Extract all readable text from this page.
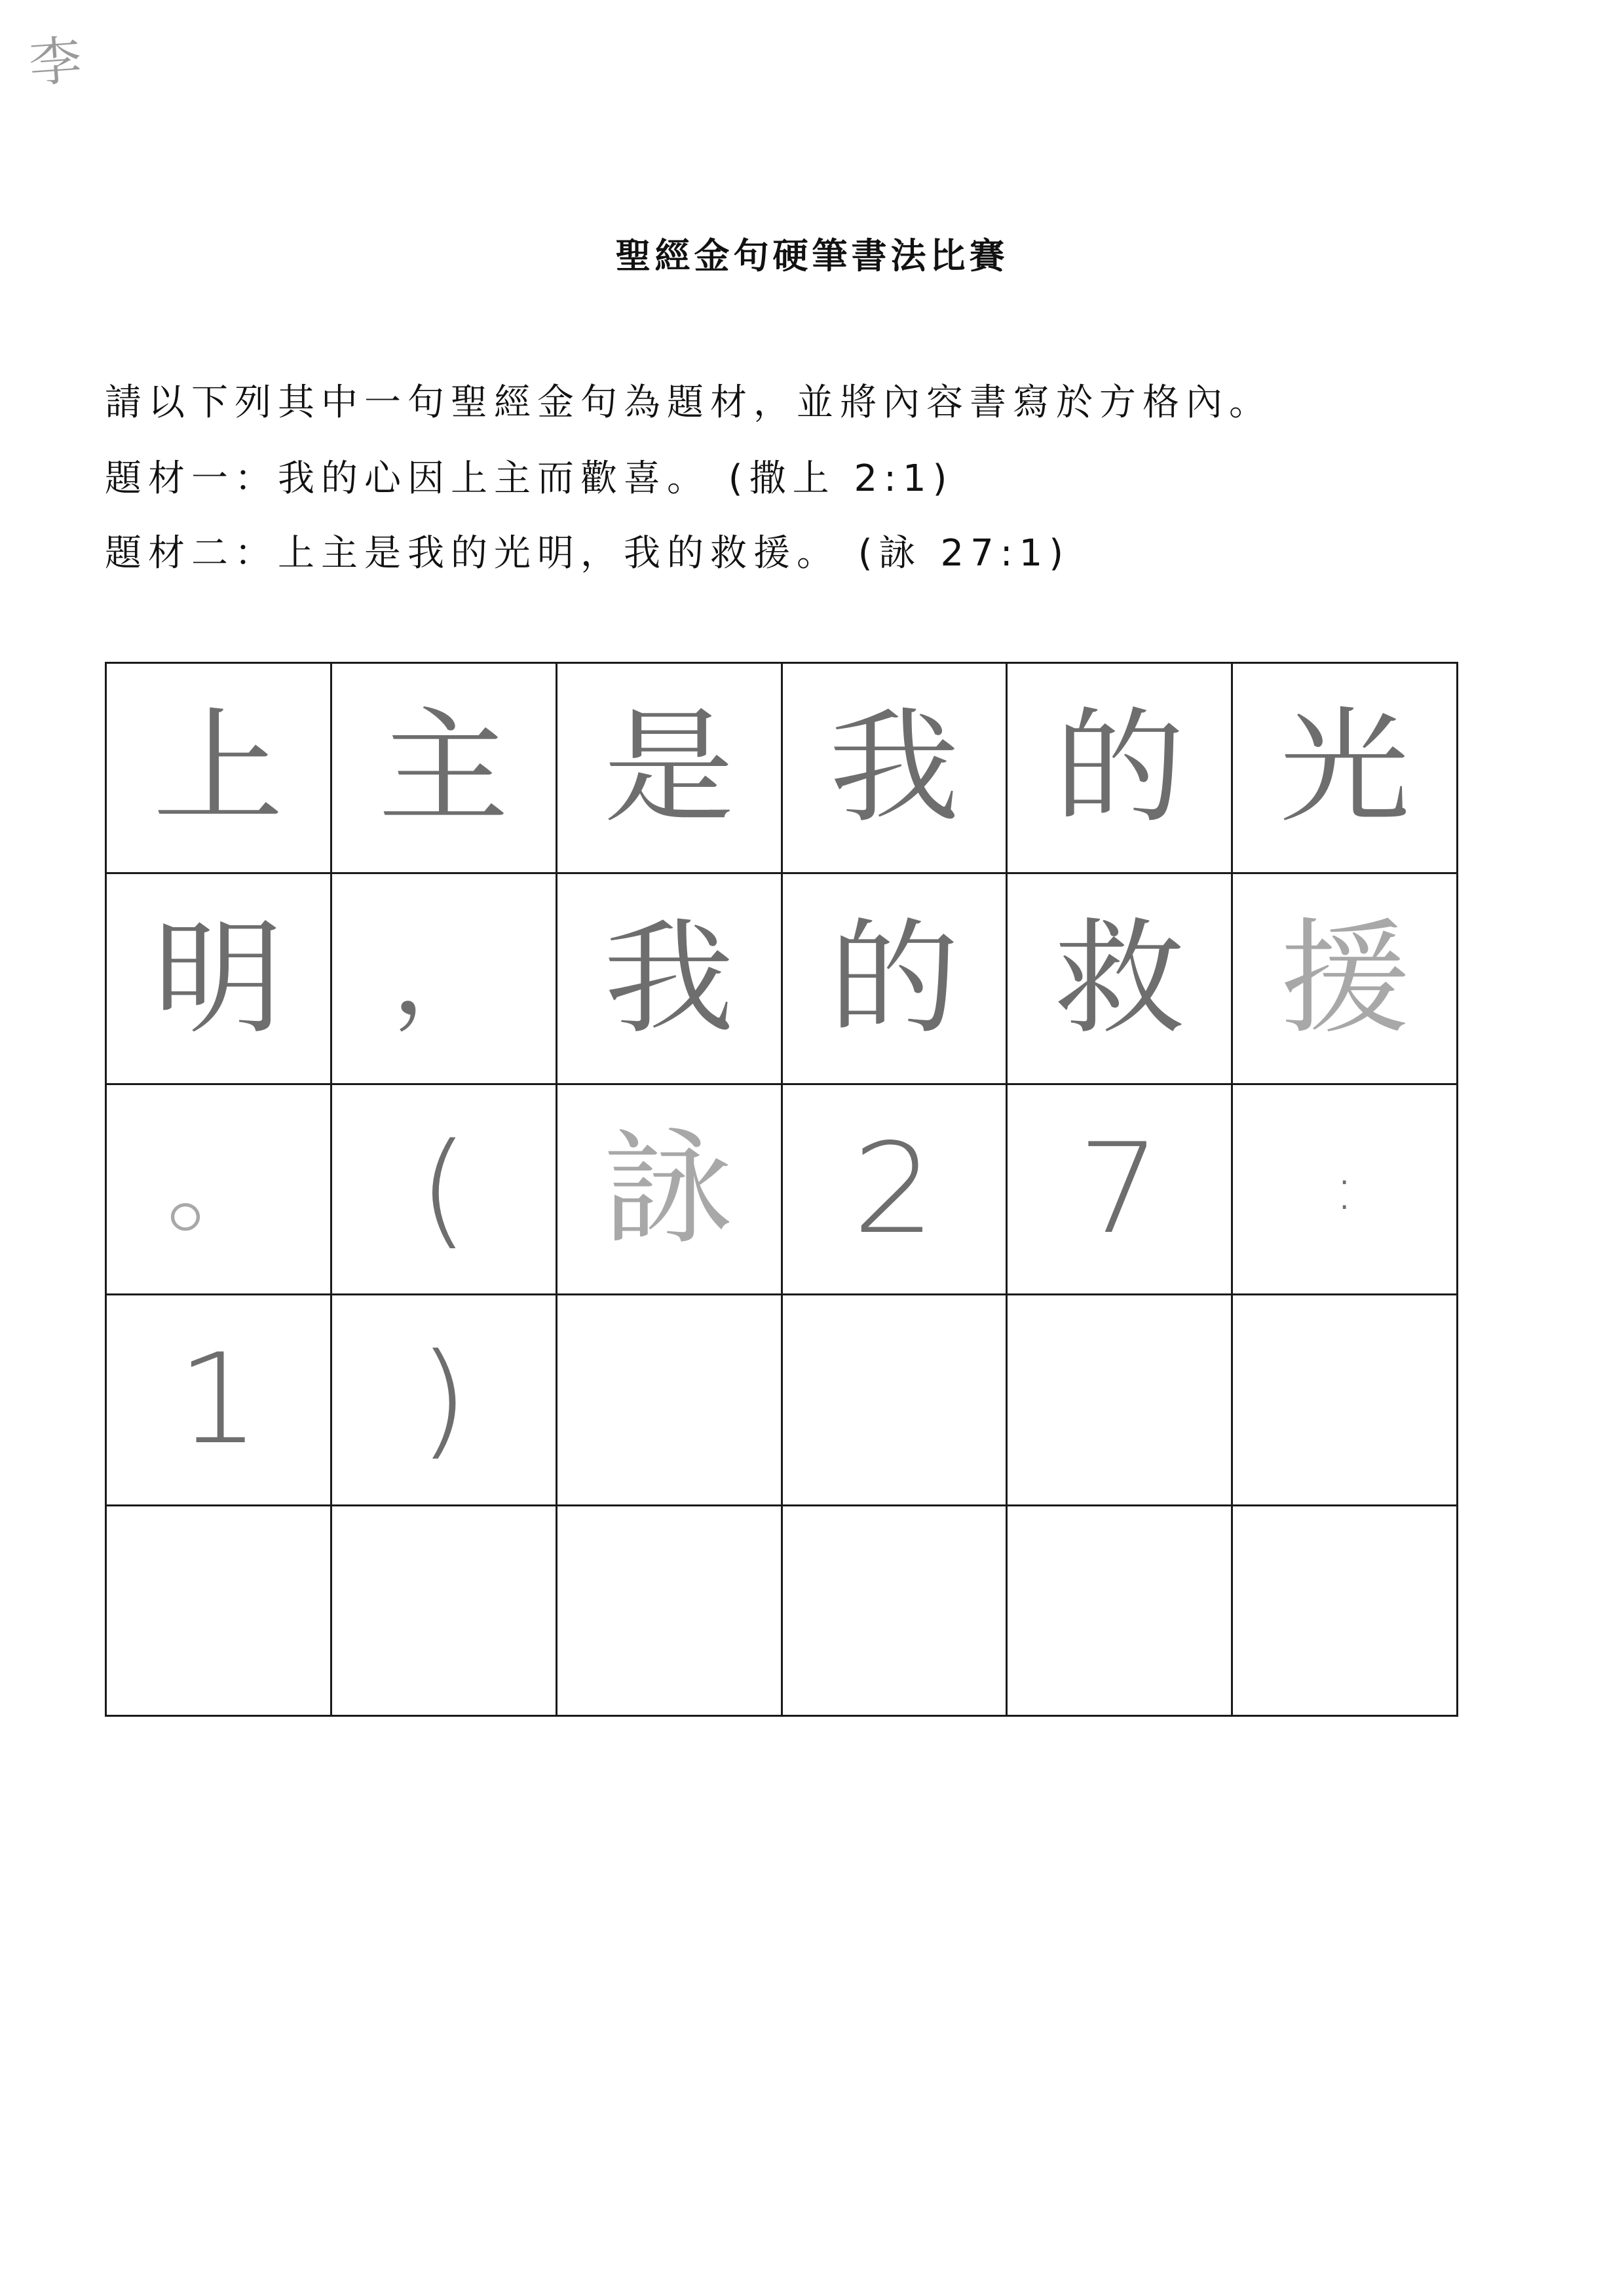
李
聖經金句硬筆書法比賽
請以下列其中一句聖經金句為題材，並將內容書寫於方格內。
題材一：我的心因上主而歡喜。 (撒上 2:1)
題材二：上主是我的光明，我的救援。 (詠 27:1)
上 主 是 我 的 光
明 ， 我 的 救 援
。 ( 詠 2 7	:
1 )
